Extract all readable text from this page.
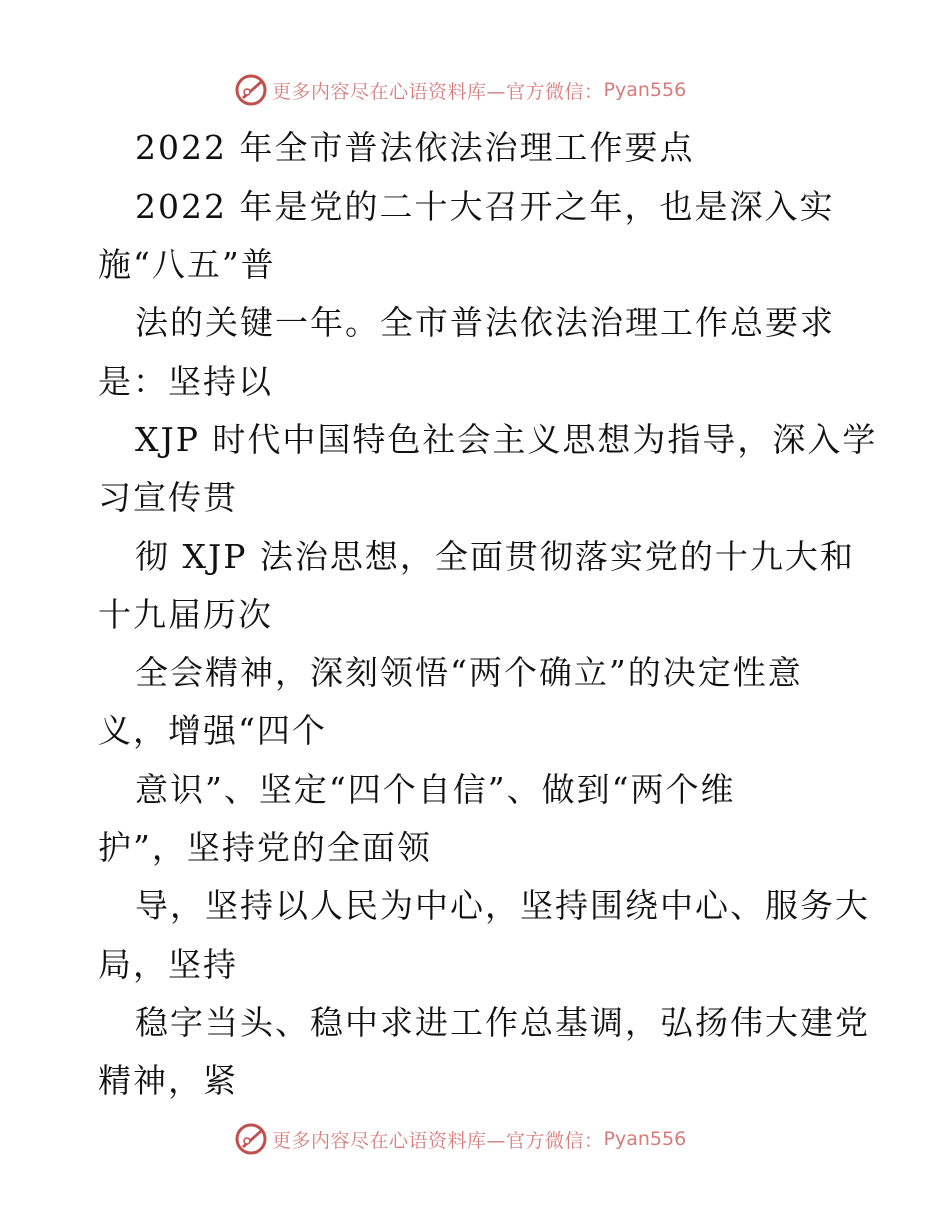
更多内容尽在心语资料库—官方微信： Pyan556
2022 年全市普法依法治理工作要点
2022 年是党的二十大召开之年，也是深入实
施“八五”普
法的关键一年。全市普法依法治理工作总要求
是：坚持以
XJP 时代中国特色社会主义思想为指导，深入学
习宣传贯
彻 XJP 法治思想，全面贯彻落实党的十九大和
十九届历次
全会精神，深刻领悟“两个确立”的决定性意
义，增强“四个
意识”、坚定“四个自信”、做到“两个维
护”，坚持党的全面领
导，坚持以人民为中心，坚持围绕中心、服务大
局，坚持
稳字当头、稳中求进工作总基调，弘扬伟大建党
精神，紧
更多内容尽在心语资料库—官方微信： Pyan556
